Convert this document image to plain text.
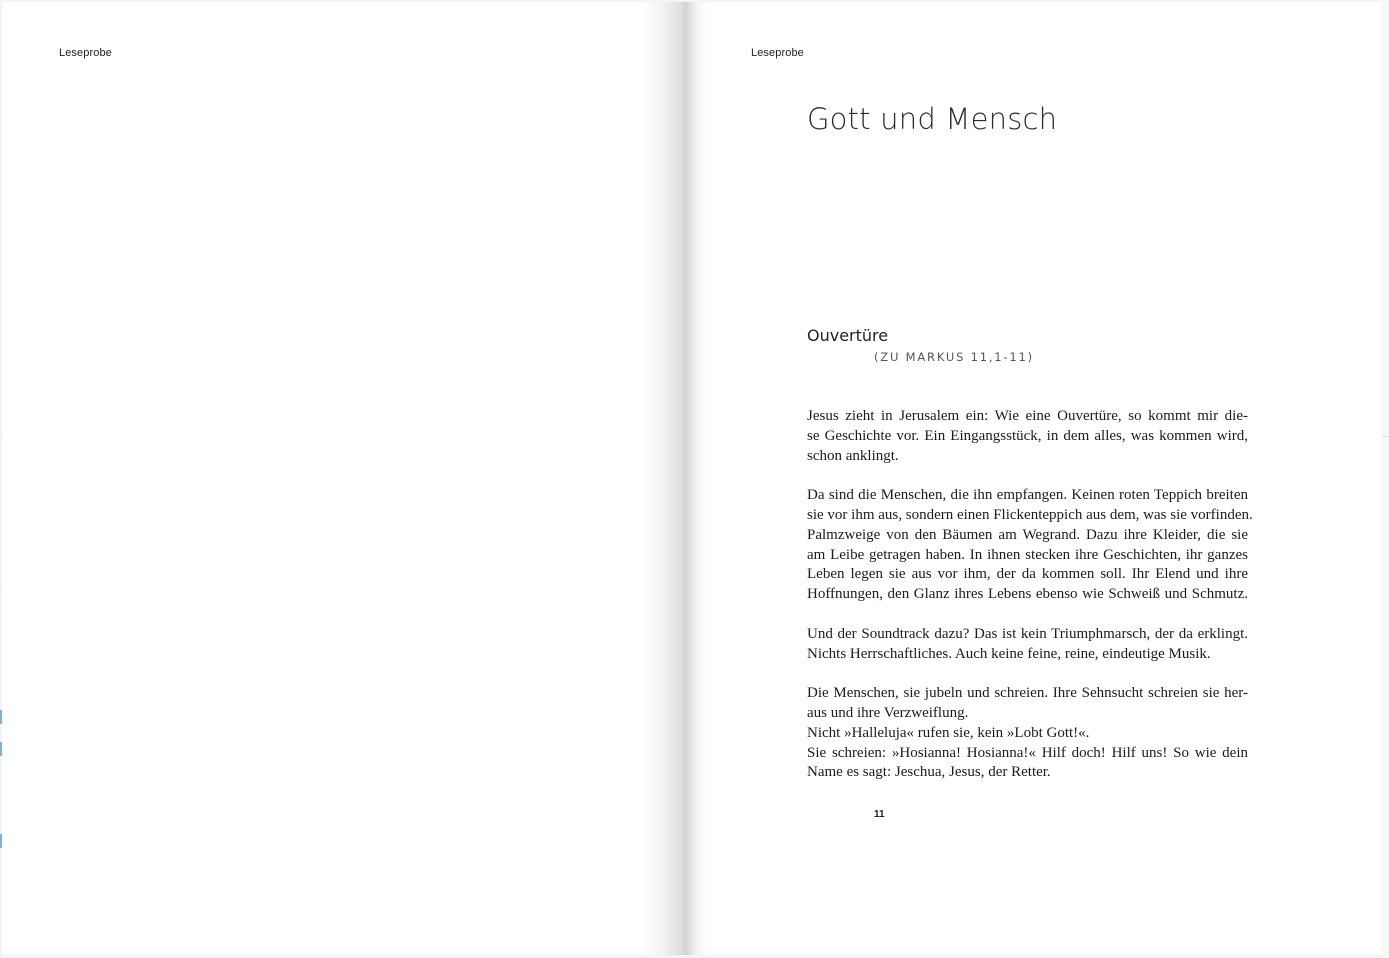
Leseprobe	Leseprobe
Gott und Mensch
Ouvertüre
(ZU MARKUS 11,1-11)

Jesus zieht in Jerusalem ein: Wie eine Ouvertüre, so kommt mir die-
se Geschichte vor. Ein Eingangsstück, in dem alles, was kommen wird,
schon anklingt.

Da sind die Menschen, die ihn empfangen. Keinen roten Teppich breiten
sie vor ihm aus, sondern einen Flickenteppich aus dem, was sie vorfinden.
Palmzweige von den Bäumen am Wegrand. Dazu ihre Kleider, die sie
am Leibe getragen haben. In ihnen stecken ihre Geschichten, ihr ganzes
Leben legen sie aus vor ihm, der da kommen soll. Ihr Elend und ihre
Hoffnungen, den Glanz ihres Lebens ebenso wie Schweiß und Schmutz.

Und der Soundtrack dazu? Das ist kein Triumphmarsch, der da erklingt.
Nichts Herrschaftliches. Auch keine feine, reine, eindeutige Musik.

Die Menschen, sie jubeln und schreien. Ihre Sehnsucht schreien sie her-
aus und ihre Verzweiflung.
Nicht »Halleluja« rufen sie, kein »Lobt Gott!«.
Sie schreien: »Hosianna! Hosianna!« Hilf doch! Hilf uns! So wie dein
Name es sagt: Jeschua, Jesus, der Retter.

11
